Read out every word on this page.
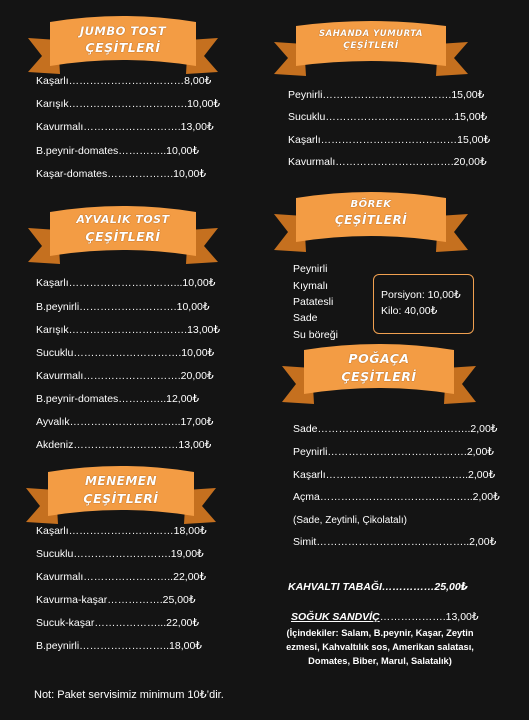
JUMBO TOST
ÇEŞİTLERİ
Kaşarlı……………………………8,00₺
Karışık…………………………….10,00₺
Kavurmalı……………………….13,00₺
B.peynir-domates…………..10,00₺
Kaşar-domates……………….10,00₺
AYVALIK TOST
ÇEŞİTLERİ
Kaşarlı…………………………...10,00₺
B.peynirli……………………….10,00₺
Karışık…………………………….13,00₺
Sucuklu………………………….10,00₺
Kavurmalı……………………….20,00₺
B.peynir-domates…………..12,00₺
Ayvalık…………………………..17,00₺
Akdeniz…………………………13,00₺
MENEMEN
ÇEŞİTLERİ
Kaşarlı…………………………18,00₺
Sucuklu……………………….19,00₺
Kavurmalı……………………..22,00₺
Kavurma-kaşar…………….25,00₺
Sucuk-kaşar………………...22,00₺
B.peynirli……………………..18,00₺
Not: Paket servisimiz minimum 10₺’dir.
SAHANDA YUMURTA
ÇEŞİTLERİ
Peynirli……………………………….15,00₺
Sucuklu……………………………….15,00₺
Kaşarlı…………………………………15,00₺
Kavurmalı…………………………….20,00₺
BÖREK
ÇEŞİTLERİ
Peynirli
Kıymalı
Patatesli
Sade
Su böreği
Porsiyon: 10,00₺
Kilo: 40,00₺
POĞAÇA
ÇEŞİTLERİ
Sade……………………………………..2,00₺
Peynirli………………………………….2,00₺
Kaşarlı…………………………………..2,00₺
Açma……………………………………..2,00₺
(Sade, Zeytinli, Çikolatalı)
Simit……………………………………..2,00₺
KAHVALTI TABAĞI……………25,00₺
SOĞUK SANDVİÇ……………….13,00₺
(İçindekiler: Salam, B.peynir, Kaşar, Zeytin
ezmesi, Kahvaltılık sos, Amerikan salatası,
Domates, Biber, Marul, Salatalık)
